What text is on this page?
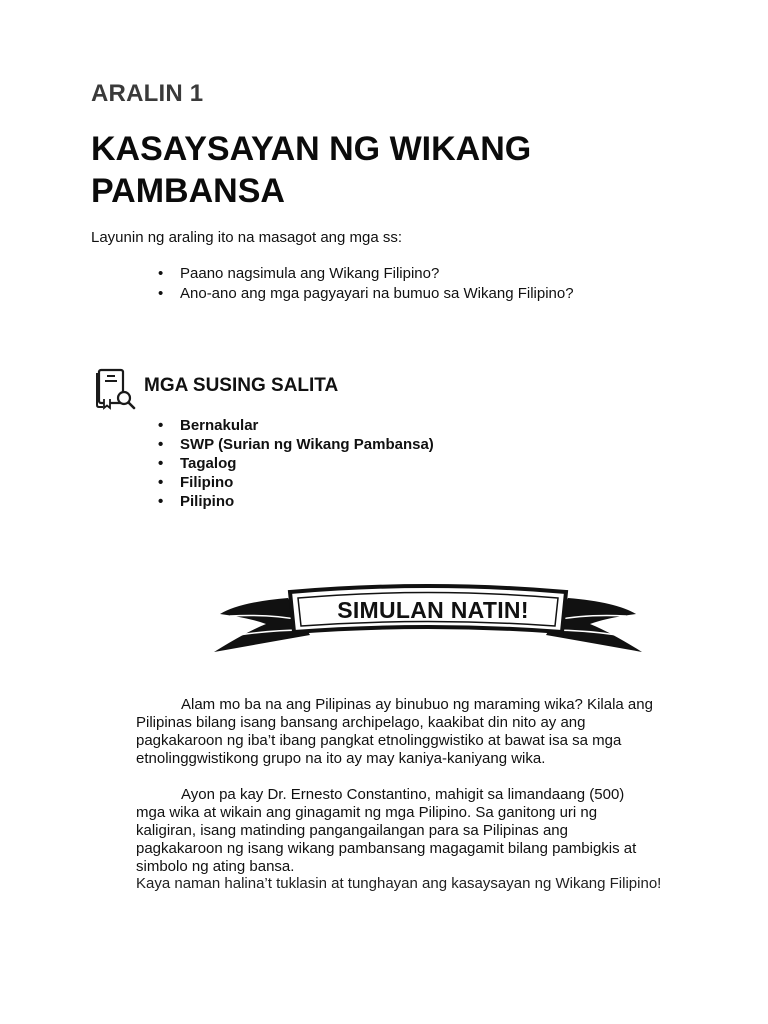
ARALIN 1
KASAYSAYAN NG WIKANG
PAMBANSA
Layunin ng araling ito na masagot ang mga ss:
• Paano nagsimula ang Wikang Filipino?
• Ano-ano ang mga pagyayari na bumuo sa Wikang Filipino?
MGA SUSING SALITA
• Bernakular
• SWP (Surian ng Wikang Pambansa)
• Tagalog
• Filipino
• Pilipino
SIMULAN NATIN!

Alam mo ba na ang Pilipinas ay binubuo ng maraming wika? Kilala ang Pilipinas bilang isang bansang archipelago, kaakibat din nito ay ang pagkakaroon ng iba’t ibang pangkat etnolinggwistiko at bawat isa sa mga etnolinggwistikong grupo na ito ay may kaniya-kaniyang wika.

Ayon pa kay Dr. Ernesto Constantino, mahigit sa limandaang (500) mga wika at wikain ang ginagamit ng mga Pilipino. Sa ganitong uri ng kaligiran, isang matinding pangangailangan para sa Pilipinas ang pagkakaroon ng isang wikang pambansang magagamit bilang pambigkis at simbolo ng ating bansa.

Kaya naman halina’t tuklasin at tunghayan ang kasaysayan ng Wikang Filipino!
